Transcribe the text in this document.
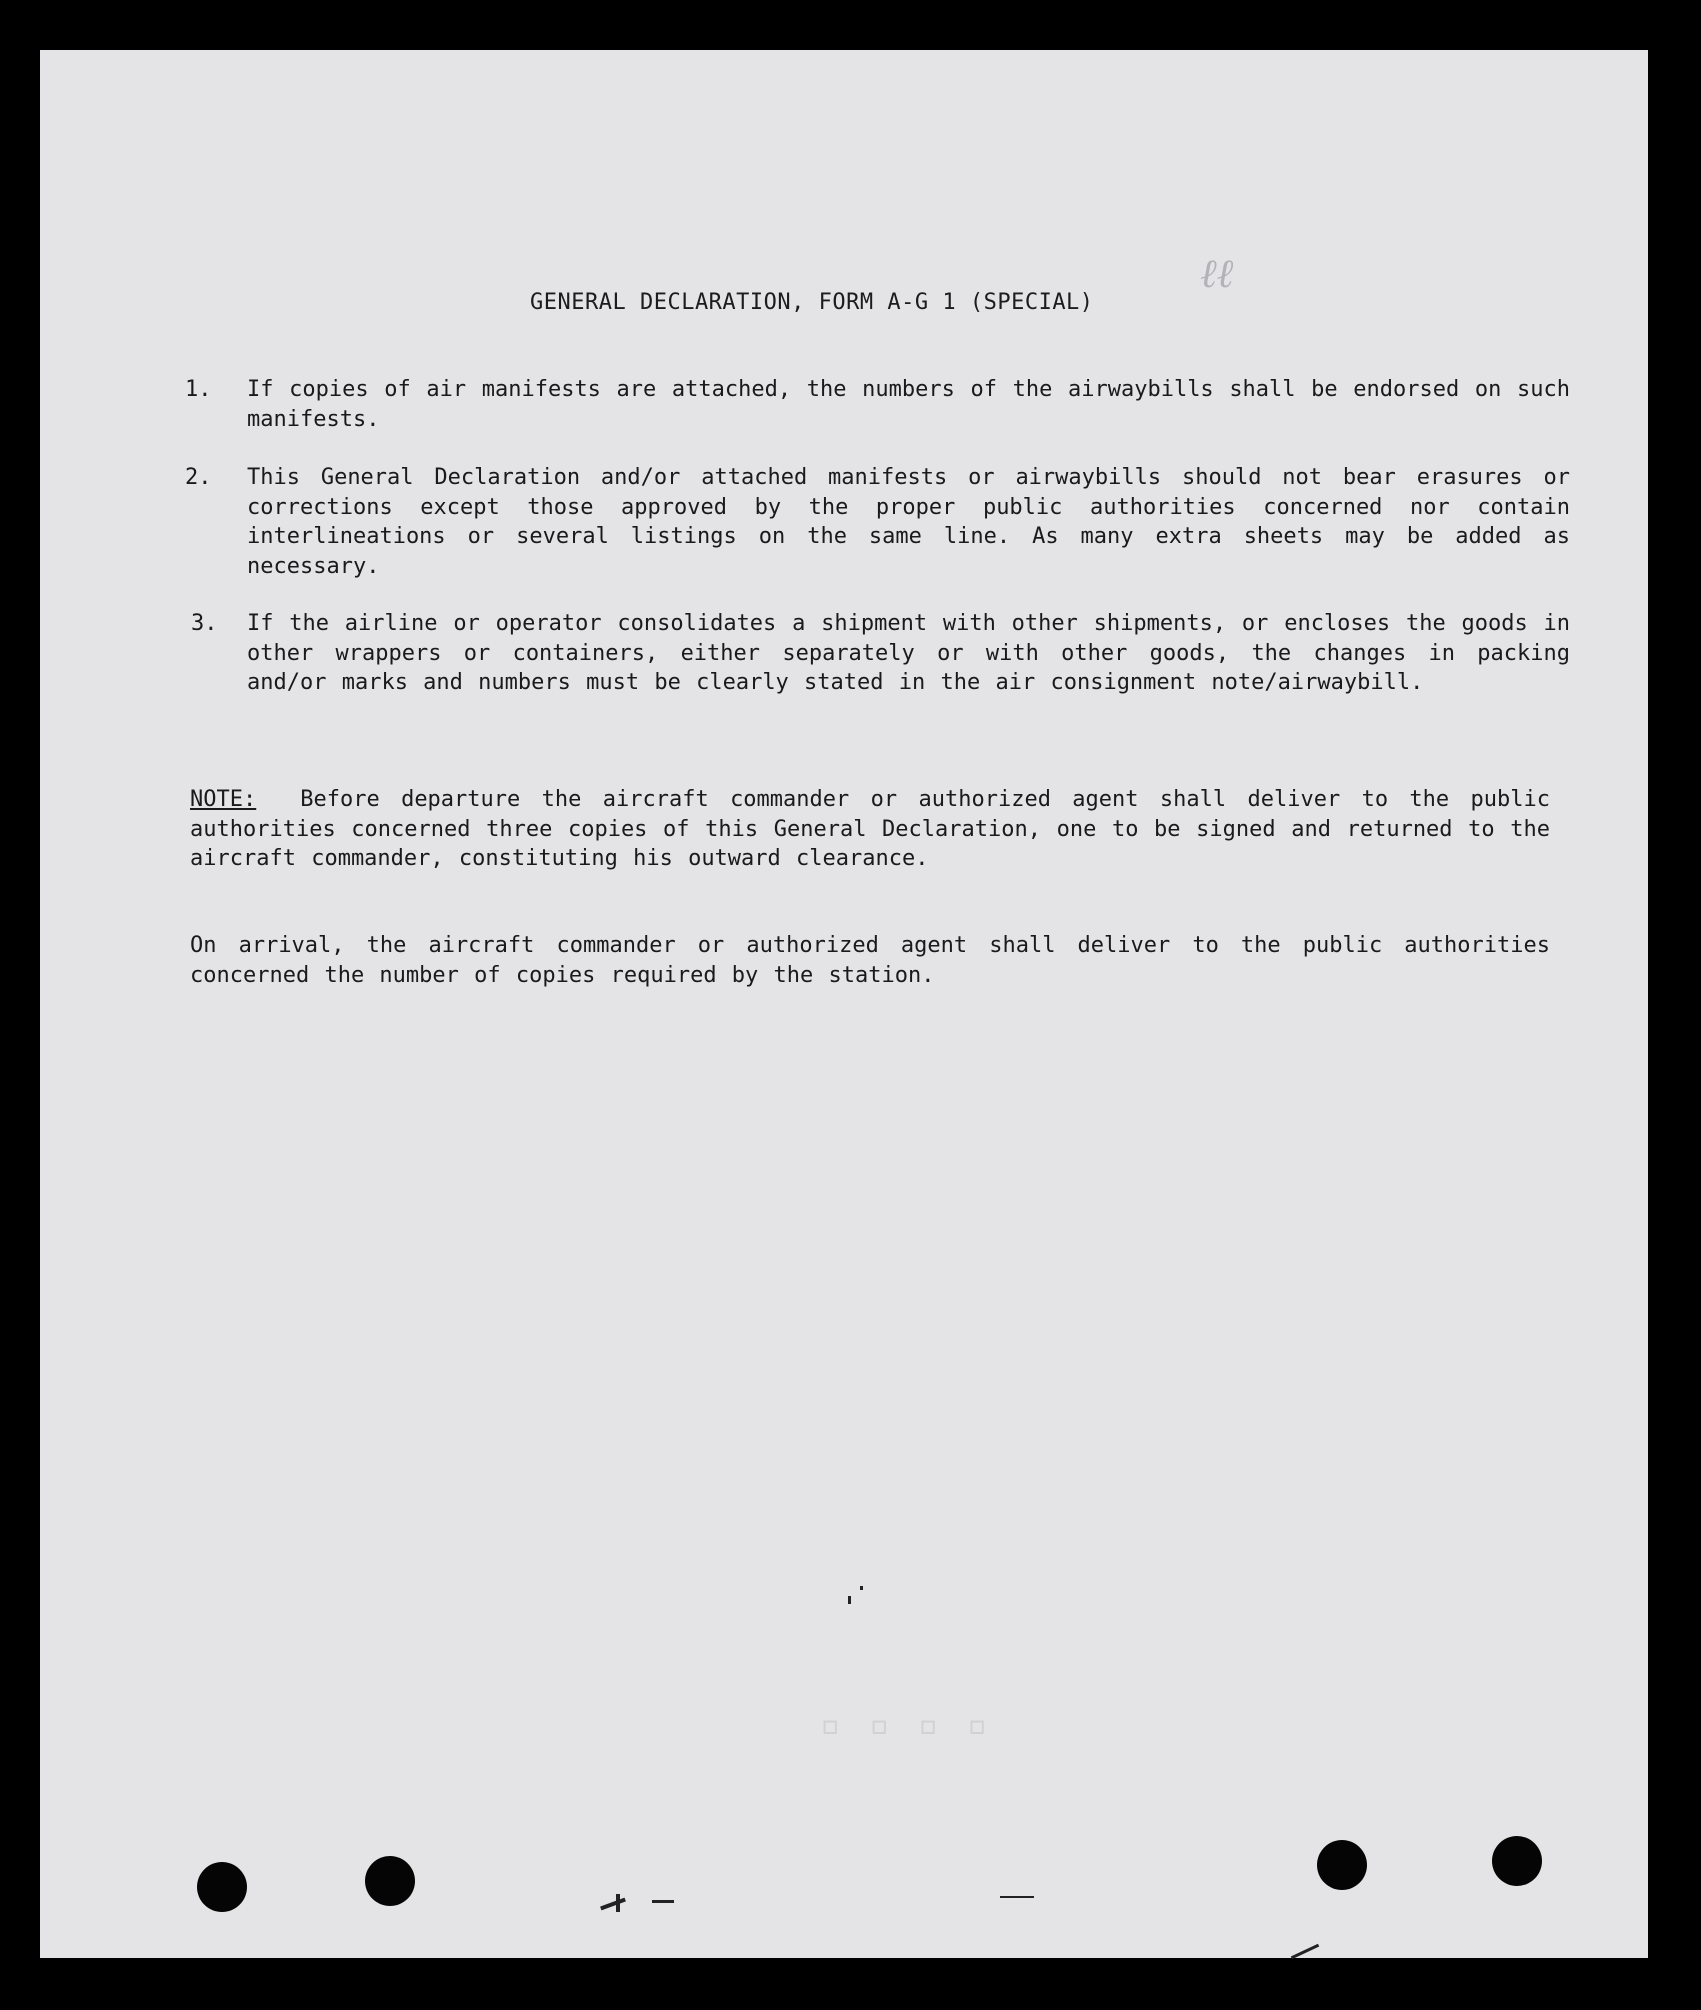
▫ ▫ ▫ ▫
ℓℓ
GENERAL DECLARATION, FORM A-G 1 (SPECIAL)
1.	If copies of air manifests are attached, the numbers of the airwaybills shall be endorsed on such manifests.
2.	This General Declaration and/or attached manifests or airwaybills should not bear erasures or corrections except those approved by the proper public authorities concerned nor contain interlineations or several listings on the same line. As many extra sheets may be added as necessary.
3.	If the airline or operator consolidates a shipment with other shipments, or encloses the goods in other wrappers or containers, either separately or with other goods, the changes in packing and/or marks and numbers must be clearly stated in the air consignment note/airwaybill.
NOTE: Before departure the aircraft commander or authorized agent shall deliver to the public authorities concerned three copies of this General Declaration, one to be signed and returned to the aircraft commander, constituting his outward clearance.
On arrival, the aircraft commander or authorized agent shall deliver to the public authorities concerned the number of copies required by the station.
